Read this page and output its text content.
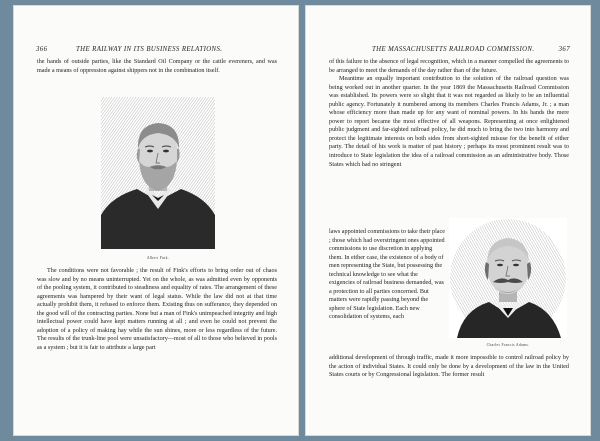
366	THE RAILWAY IN ITS BUSINESS RELATIONS.

the hands of outside parties, like the Standard Oil Company or the cattle evereners, and was made a means of oppression against shippers not in the combination itself.

Albert Fink.

The conditions were not favorable ; the result of Fink's efforts to bring order out of chaos was slow and by no means uninterrupted. Yet on the whole, as was admitted even by opponents of the pooling system, it contributed to steadiness and equality of rates. The arrangement of these agreements was hampered by their want of legal status. While the law did not at that time actually prohibit them, it refused to enforce them. Existing thus on sufferance, they depended on the good will of the contracting parties. None but a man of Fink's unimpeached integrity and high intellectual power could have kept matters running at all ; and even he could not prevent the adoption of a policy of making hay while the sun shines, more or less regardless of the future. The results of the trunk-line pool were unsatisfactory—most of all to those who believed in pools as a system ; but it is fair to attribute a large part

THE MASSACHUSETTS RAILROAD COMMISSION.	367

of this failure to the absence of legal recognition, which in a manner compelled the agreements to be arranged to meet the demands of the day rather than of the future.

Meantime an equally important contribution to the solution of the railroad question was being worked out in another quarter. In the year 1869 the Massachusetts Railroad Commission was established. Its powers were so slight that it was not regarded as likely to be an influential public agency. Fortunately it numbered among its members Charles Francis Adams, Jr. ; a man whose efficiency more than made up for any want of nominal powers. In his hands the mere power to report became the most effective of all weapons. Representing at once enlightened public judgment and far-sighted railroad policy, he did much to bring the two into harmony and protect the legitimate interests on both sides from short-sighted misuse for the benefit of either party. The detail of his work is matter of past history ; perhaps its most prominent result was to introduce to State legislation the idea of a railroad commission as an administrative body. Those States which had no stringent

laws appointed commissions to take their place ; those which had overstringent ones appointed commissions to use discretion in applying them. In either case, the existence of a body of men representing the State, but possessing the technical knowledge to see what the exigencies of railroad business demanded, was a protection to all parties concerned. But matters were rapidly passing beyond the sphere of State legislation. Each new consolidation of systems, each

Charles Francis Adams.

additional development of through traffic, made it more impossible to control railroad policy by the action of individual States. It could only be done by a development of the law in the United States courts or by Congressional legislation. The former result
